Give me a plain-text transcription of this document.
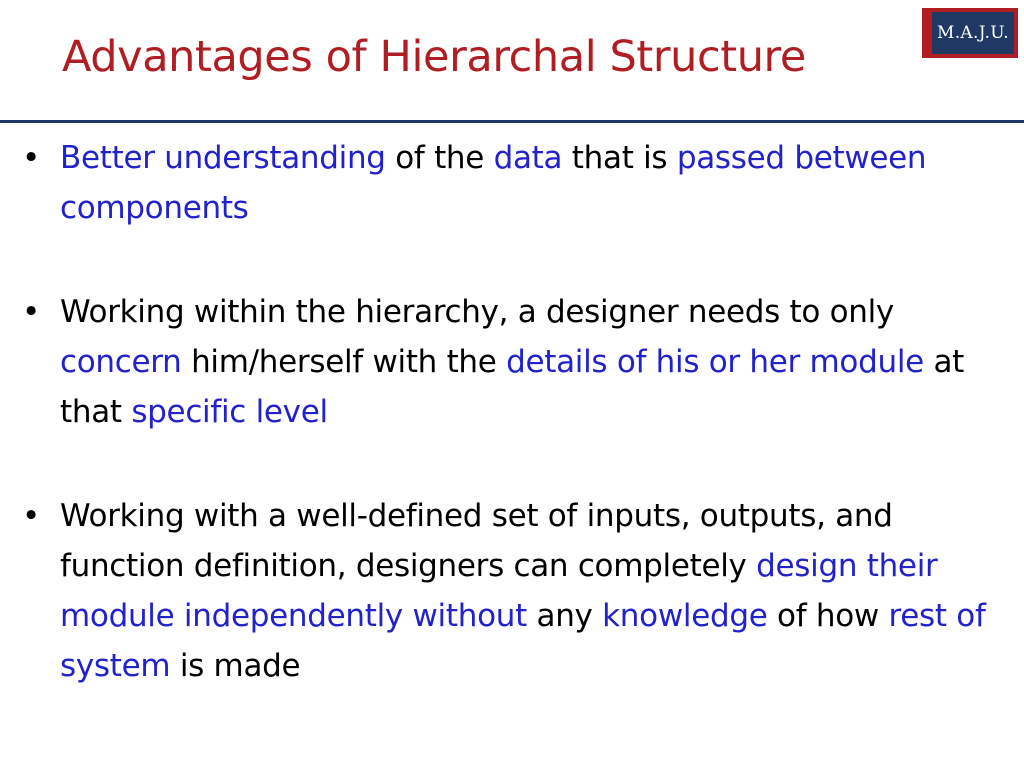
Advantages of Hierarchal Structure	M.A.J.U.
• Better understanding of the data that is passed between components
• Working within the hierarchy, a designer needs to only concern him/herself with the details of his or her module at that specific level
• Working with a well-defined set of inputs, outputs, and function definition, designers can completely design their module independently without any knowledge of how rest of system is made
